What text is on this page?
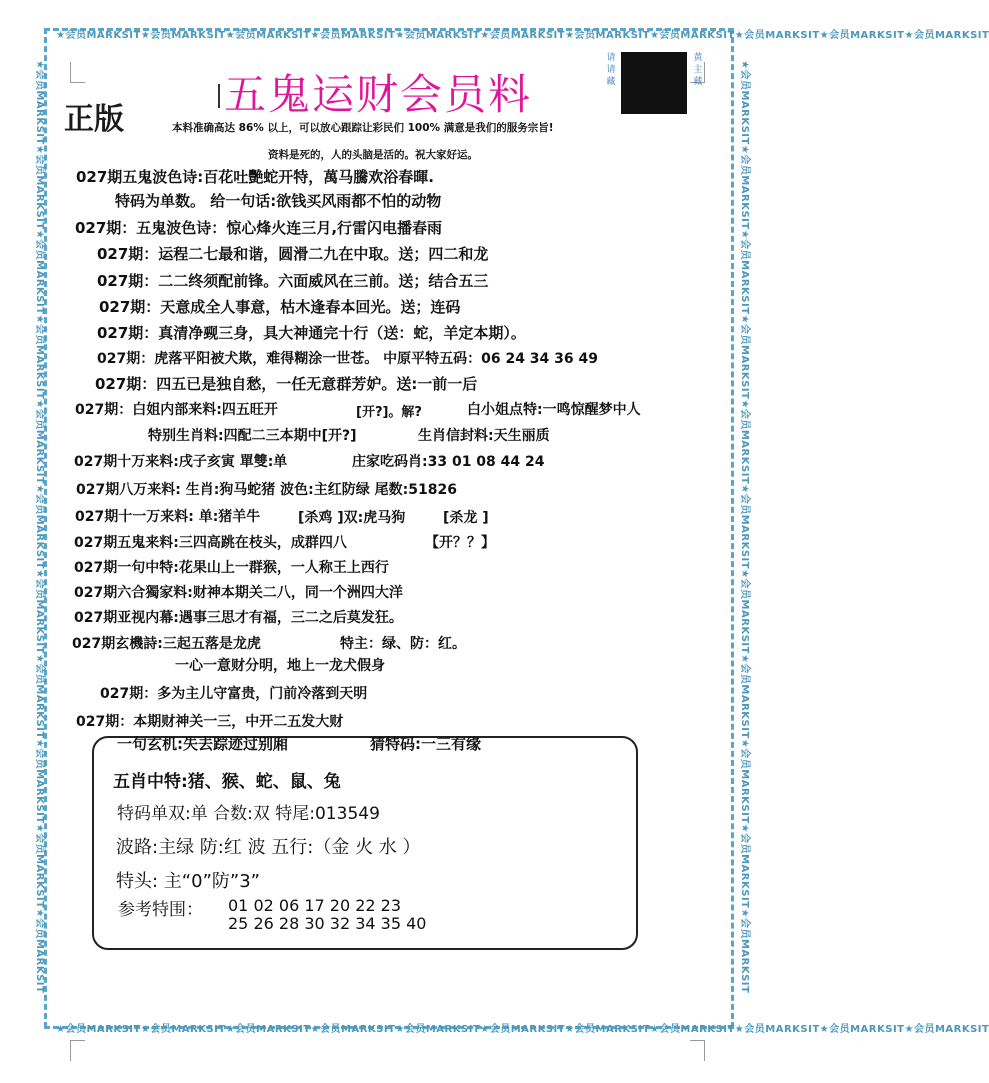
★会员MARKSIT★会员MARKSIT★会员MARKSIT★会员MARKSIT★会员MARKSIT★会员MARKSIT★会员MARKSIT★会员MARKSIT★会员MARKSIT★会员MARKSIT★会员MARKSIT
★会员MARKSIT★会员MARKSIT★会员MARKSIT★会员MARKSIT★会员MARKSIT★会员MARKSIT★会员MARKSIT★会员MARKSIT★会员MARKSIT★会员MARKSIT★会员MARKSIT
★会员MARKSIT★会员MARKSIT★会员MARKSIT★会员MARKSIT★会员MARKSIT★会员MARKSIT★会员MARKSIT★会员MARKSIT★会员MARKSIT★会员MARKSIT★会员MARKSIT	★会员MARKSIT★会员MARKSIT★会员MARKSIT★会员MARKSIT★会员MARKSIT★会员MARKSIT★会员MARKSIT★会员MARKSIT★会员MARKSIT★会员MARKSIT★会员MARKSIT
正版
五鬼运财会员料
请请藏
黄主藏
本料准确高达 86% 以上，可以放心跟踪让彩民们 100% 满意是我们的服务宗旨!
资料是死的，人的头脑是活的。祝大家好运。
027期五鬼波色诗:百花吐艷蛇开特，萬马騰欢浴春暉.
特码为单数。 给一句话:欲钱买风雨都不怕的动物
027期：五鬼波色诗：惊心烽火连三月,行雷闪电播春雨
027期：运程二七最和谐，圆滑二九在中取。送；四二和龙
027期：二二终须配前锋。六面威风在三前。送；结合五三
027期：天意成全人事意，枯木逢春本回光。送；连码
027期：真清净觋三身，具大神通完十行（送：蛇，羊定本期）。
027期：虎落平阳被犬欺，难得糊涂一世苍。 中原平特五码：06 24 34 36 49
027期：四五已是独自愁，一任无意群芳妒。送:一前一后
027期：白姐内部来料:四五旺开	[开?]。解?	白小姐点特:一鸣惊醒梦中人
特别生肖料:四配二三本期中[开?]	生肖信封料:天生丽质
027期十万来料:戌子亥寅 單雙:单	庄家吃码肖:33 01 08 44 24
027期八万来料: 生肖:狗马蛇猪 波色:主红防绿 尾数:51826
027期十一万来料: 单:猪羊牛	[杀鸡 ]双:虎马狗	[杀龙 ]
027期五鬼来料:三四高跳在枝头，成群四八	【开？？】
027期一句中特:花果山上一群猴，一人称王上西行
027期六合獨家料:财神本期关二八，同一个洲四大洋
027期亚视内幕:遇事三思才有福，三二之后莫发狂。
027期玄機詩:三起五落是龙虎	特主：绿、防：红。
一心一意财分明，地上一龙犬假身
027期：多为主儿守富贵，门前冷落到天明
027期：本期财神关一三，中开二五发大财
一句玄机:失去踪迹过别厢	猜特码:一三有缘
五肖中特:猪、猴、蛇、鼠、兔
特码单双:单 合数:双 特尾:013549
波路:主绿 防:红 波 五行:（金 火 水 ）
特头: 主“0”防”3”
参考特围： 01 02 06 17 20 22 23
25 26 28 30 32 34 35 40
